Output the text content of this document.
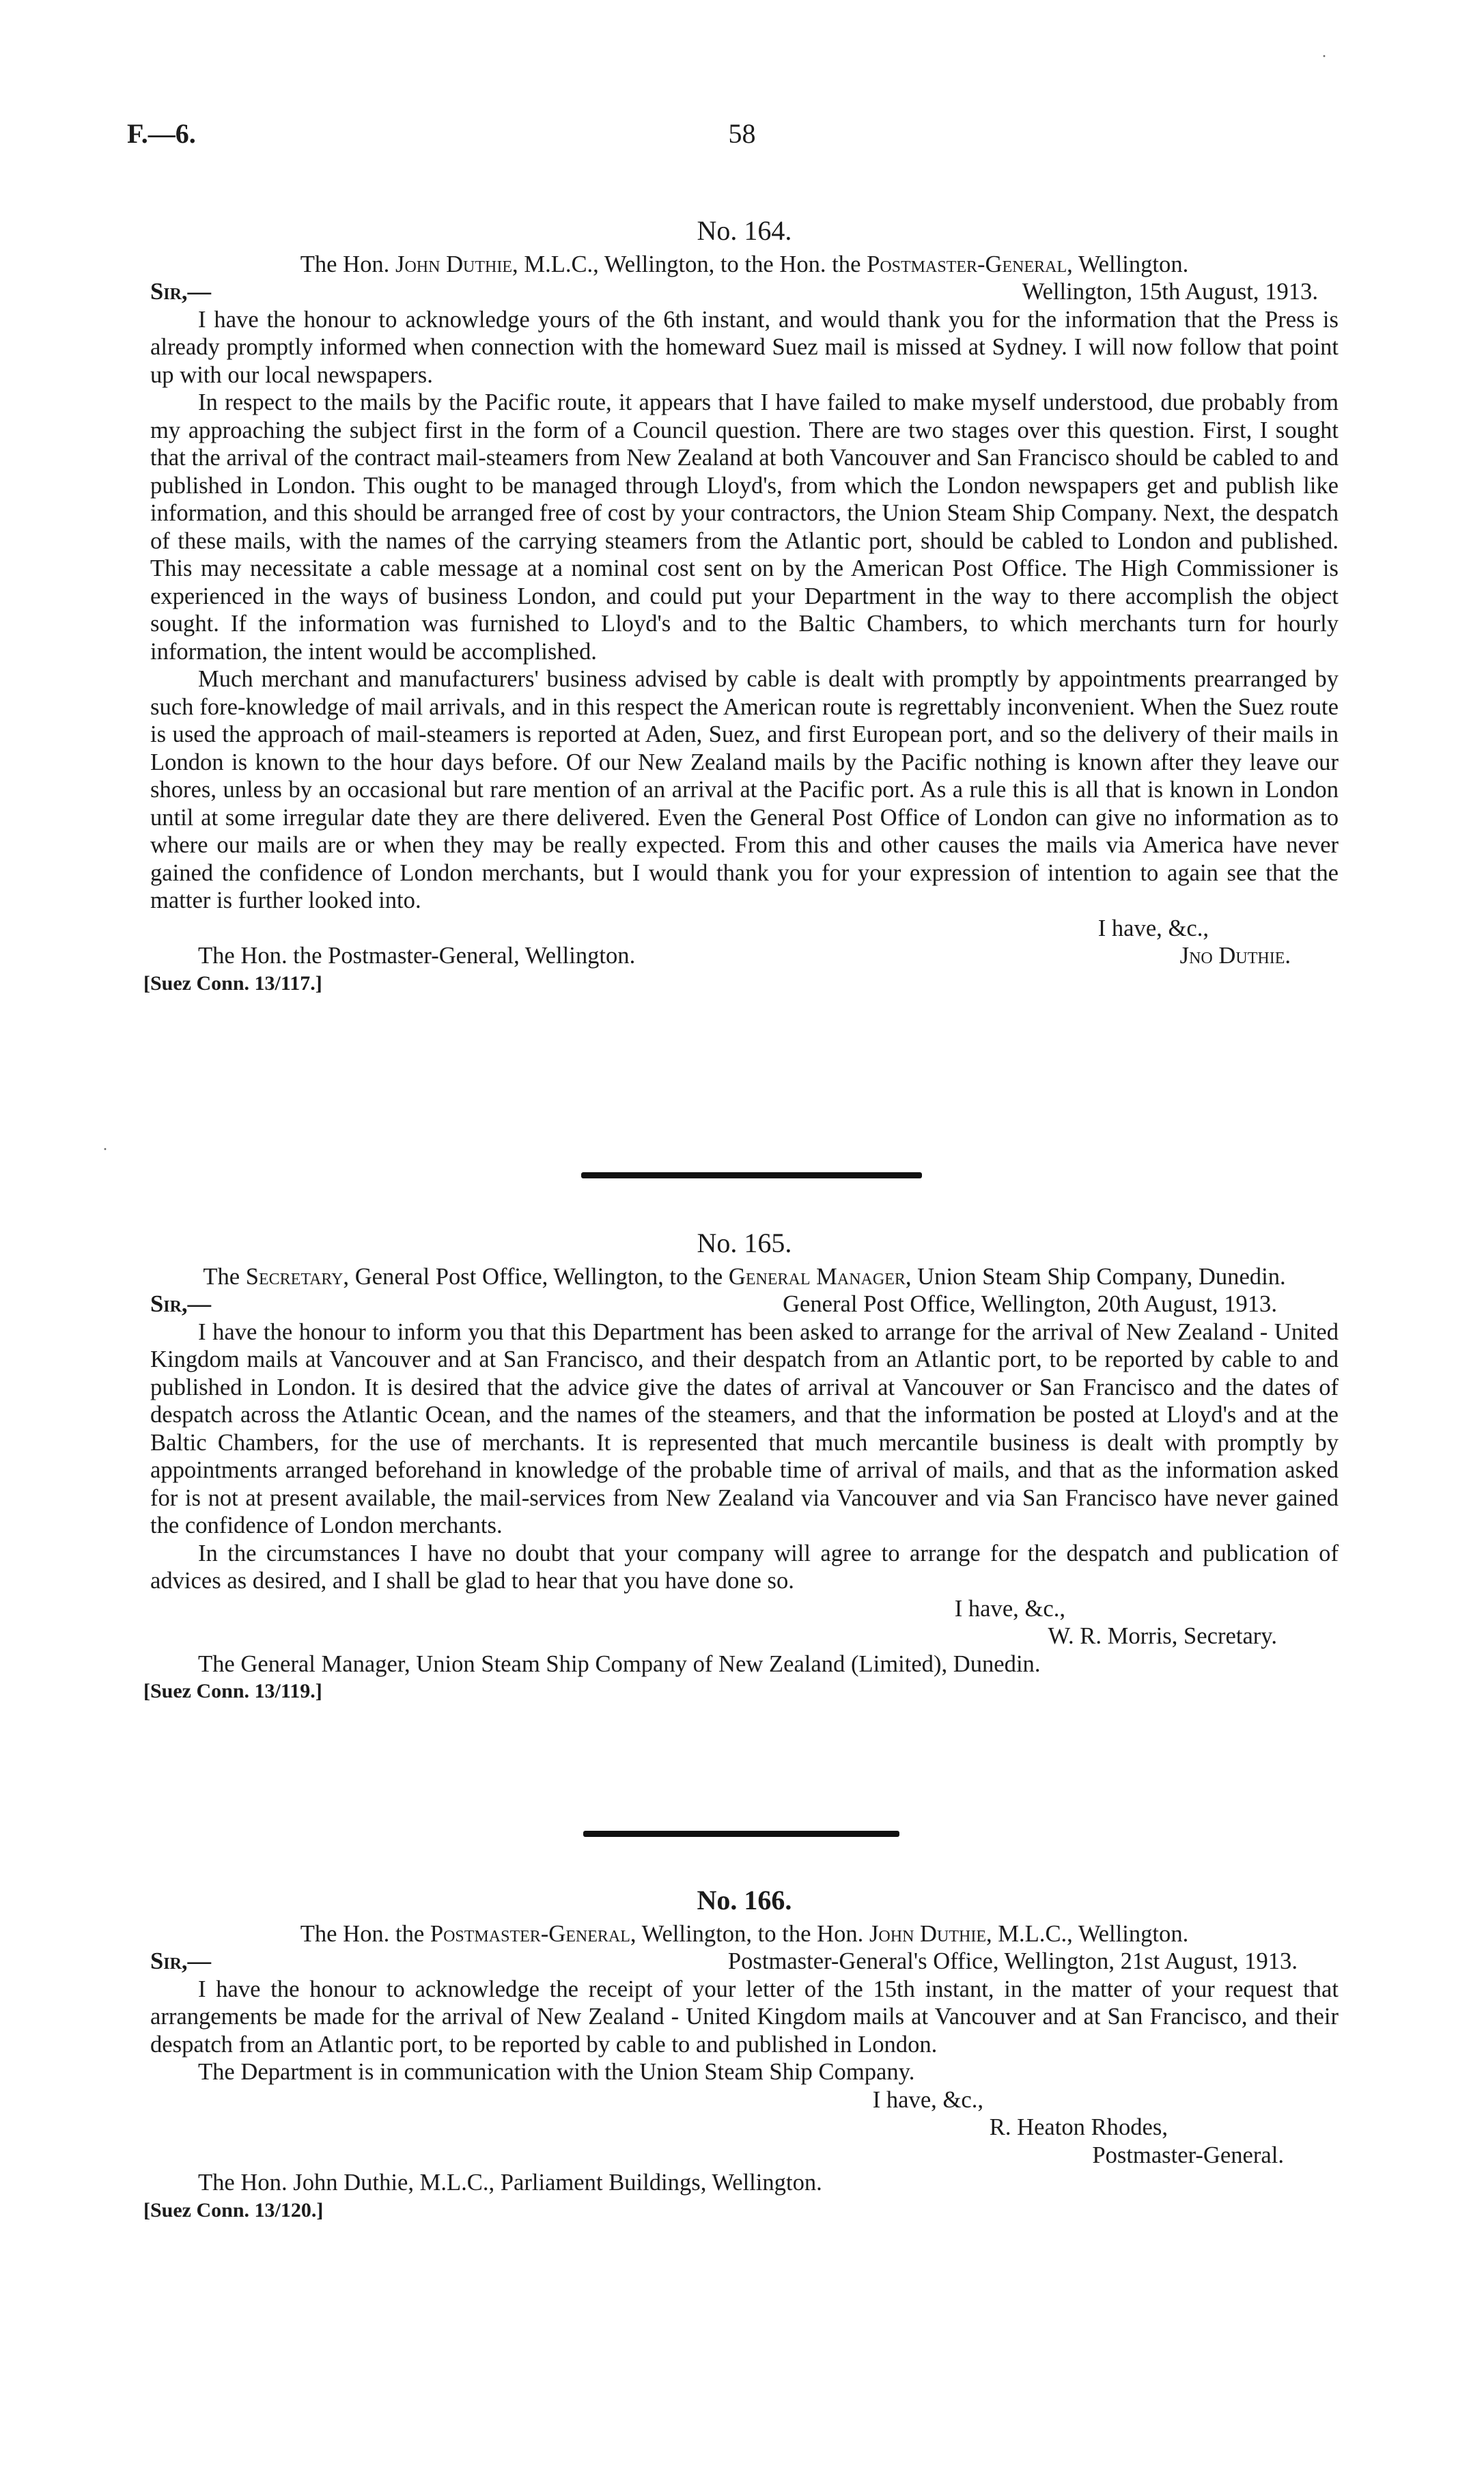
F.—6.	58
No. 164.
The Hon. John Duthie, M.L.C., Wellington, to the Hon. the Postmaster-General, Wellington.
Sir,—	Wellington, 15th August, 1913.

I have the honour to acknowledge yours of the 6th instant, and would thank you for the information that the Press is already promptly informed when connection with the homeward Suez mail is missed at Sydney. I will now follow that point up with our local newspapers.

In respect to the mails by the Pacific route, it appears that I have failed to make myself understood, due probably from my approaching the subject first in the form of a Council question. There are two stages over this question. First, I sought that the arrival of the contract mail-steamers from New Zealand at both Vancouver and San Francisco should be cabled to and published in London. This ought to be managed through Lloyd's, from which the London newspapers get and publish like information, and this should be arranged free of cost by your contractors, the Union Steam Ship Company. Next, the despatch of these mails, with the names of the carrying steamers from the Atlantic port, should be cabled to London and published. This may necessitate a cable message at a nominal cost sent on by the American Post Office. The High Commissioner is experienced in the ways of business London, and could put your Department in the way to there accomplish the object sought. If the information was furnished to Lloyd's and to the Baltic Chambers, to which merchants turn for hourly information, the intent would be accomplished.

Much merchant and manufacturers' business advised by cable is dealt with promptly by appointments prearranged by such fore-knowledge of mail arrivals, and in this respect the American route is regrettably inconvenient. When the Suez route is used the approach of mail-steamers is reported at Aden, Suez, and first European port, and so the delivery of their mails in London is known to the hour days before. Of our New Zealand mails by the Pacific nothing is known after they leave our shores, unless by an occasional but rare mention of an arrival at the Pacific port. As a rule this is all that is known in London until at some irregular date they are there delivered. Even the General Post Office of London can give no information as to where our mails are or when they may be really expected. From this and other causes the mails via America have never gained the confidence of London merchants, but I would thank you for your expression of intention to again see that the matter is further looked into.

I have, &c.,
The Hon. the Postmaster-General, Wellington.	Jno Duthie.
[Suez Conn. 13/117.]
No. 165.
The Secretary, General Post Office, Wellington, to the General Manager, Union Steam Ship Company, Dunedin.
Sir,—	General Post Office, Wellington, 20th August, 1913.

I have the honour to inform you that this Department has been asked to arrange for the arrival of New Zealand - United Kingdom mails at Vancouver and at San Francisco, and their despatch from an Atlantic port, to be reported by cable to and published in London. It is desired that the advice give the dates of arrival at Vancouver or San Francisco and the dates of despatch across the Atlantic Ocean, and the names of the steamers, and that the information be posted at Lloyd's and at the Baltic Chambers, for the use of merchants. It is represented that much mercantile business is dealt with promptly by appointments arranged beforehand in knowledge of the probable time of arrival of mails, and that as the information asked for is not at present available, the mail-services from New Zealand via Vancouver and via San Francisco have never gained the confidence of London merchants.

In the circumstances I have no doubt that your company will agree to arrange for the despatch and publication of advices as desired, and I shall be glad to hear that you have done so.

I have, &c.,
W. R. Morris, Secretary.
The General Manager, Union Steam Ship Company of New Zealand (Limited), Dunedin.
[Suez Conn. 13/119.]
No. 166.
The Hon. the Postmaster-General, Wellington, to the Hon. John Duthie, M.L.C., Wellington.
Sir,—	Postmaster-General's Office, Wellington, 21st August, 1913.

I have the honour to acknowledge the receipt of your letter of the 15th instant, in the matter of your request that arrangements be made for the arrival of New Zealand - United Kingdom mails at Vancouver and at San Francisco, and their despatch from an Atlantic port, to be reported by cable to and published in London.

The Department is in communication with the Union Steam Ship Company.

I have, &c.,
R. Heaton Rhodes,
Postmaster-General.
The Hon. John Duthie, M.L.C., Parliament Buildings, Wellington.
[Suez Conn. 13/120.]
·
·
